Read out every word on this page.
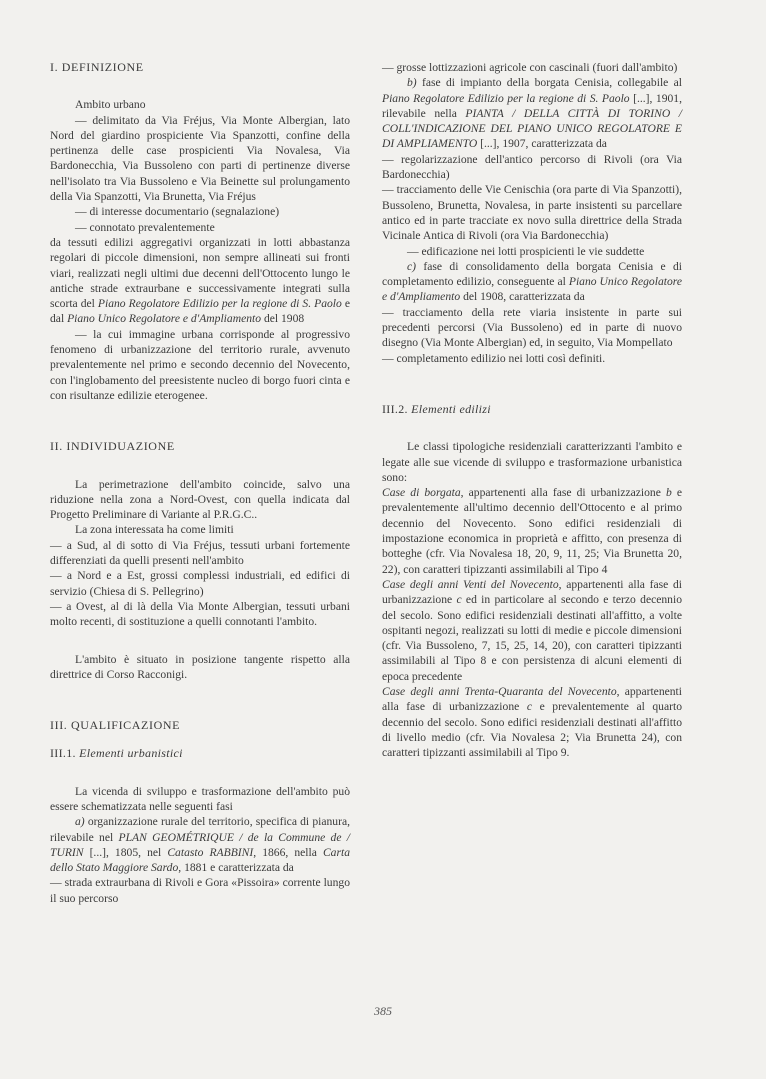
I. DEFINIZIONE

Ambito urbano

— delimitato da Via Fréjus, Via Monte Albergian, lato Nord del giardino prospiciente Via Spanzotti, confine della pertinenza delle case prospicienti Via Novalesa, Via Bardonecchia, Via Bussoleno con parti di pertinenze diverse nell'isolato tra Via Bussoleno e Via Beinette sul prolungamento della Via Spanzotti, Via Brunetta, Via Fréjus

— di interesse documentario (segnalazione)

— connotato prevalentemente

da tessuti edilizi aggregativi organizzati in lotti abbastanza regolari di piccole dimensioni, non sempre allineati sui fronti viari, realizzati negli ultimi due decenni dell'Ottocento lungo le antiche strade extraurbane e successivamente integrati sulla scorta del Piano Regolatore Edilizio per la regione di S. Paolo e dal Piano Unico Regolatore e d'Ampliamento del 1908

— la cui immagine urbana corrisponde al progressivo fenomeno di urbanizzazione del territorio rurale, avvenuto prevalentemente nel primo e secondo decennio del Novecento, con l'inglobamento del preesistente nucleo di borgo fuori cinta e con risultanze edilizie eterogenee.

II. INDIVIDUAZIONE

La perimetrazione dell'ambito coincide, salvo una riduzione nella zona a Nord-Ovest, con quella indicata dal Progetto Preliminare di Variante al P.R.G.C..

La zona interessata ha come limiti

— a Sud, al di sotto di Via Fréjus, tessuti urbani fortemente differenziati da quelli presenti nell'ambito

— a Nord e a Est, grossi complessi industriali, ed edifici di servizio (Chiesa di S. Pellegrino)

— a Ovest, al di là della Via Monte Albergian, tessuti urbani molto recenti, di sostituzione a quelli connotanti l'ambito.

L'ambito è situato in posizione tangente rispetto alla direttrice di Corso Racconigi.

III. QUALIFICAZIONE

III.1. Elementi urbanistici

La vicenda di sviluppo e trasformazione dell'ambito può essere schematizzata nelle seguenti fasi

a) organizzazione rurale del territorio, specifica di pianura, rilevabile nel PLAN GEOMÉTRIQUE / de la Commune de / TURIN [...], 1805, nel Catasto RABBINI, 1866, nella Carta dello Stato Maggiore Sardo, 1881 e caratterizzata da

— strada extraurbana di Rivoli e Gora «Pissoira» corrente lungo il suo percorso

— grosse lottizzazioni agricole con cascinali (fuori dall'ambito)

b) fase di impianto della borgata Cenisia, collegabile al Piano Regolatore Edilizio per la regione di S. Paolo [...], 1901, rilevabile nella PIANTA / DELLA CITTÀ DI TORINO / COLL'INDICAZIONE DEL PIANO UNICO REGOLATORE E DI AMPLIAMENTO [...], 1907, caratterizzata da

— regolarizzazione dell'antico percorso di Rivoli (ora Via Bardonecchia)

— tracciamento delle Vie Cenischia (ora parte di Via Spanzotti), Bussoleno, Brunetta, Novalesa, in parte insistenti su parcellare antico ed in parte tracciate ex novo sulla direttrice della Strada Vicinale Antica di Rivoli (ora Via Bardonecchia)

— edificazione nei lotti prospicienti le vie suddette

c) fase di consolidamento della borgata Cenisia e di completamento edilizio, conseguente al Piano Unico Regolatore e d'Ampliamento del 1908, caratterizzata da

— tracciamento della rete viaria insistente in parte sui precedenti percorsi (Via Bussoleno) ed in parte di nuovo disegno (Via Monte Albergian) ed, in seguito, Via Mompellato

— completamento edilizio nei lotti così definiti.

III.2. Elementi edilizi

Le classi tipologiche residenziali caratterizzanti l'ambito e legate alle sue vicende di sviluppo e trasformazione urbanistica sono:

Case di borgata, appartenenti alla fase di urbanizzazione b e prevalentemente all'ultimo decennio dell'Ottocento e al primo decennio del Novecento. Sono edifici residenziali di impostazione economica in proprietà e affitto, con presenza di botteghe (cfr. Via Novalesa 18, 20, 9, 11, 25; Via Brunetta 20, 22), con caratteri tipizzanti assimilabili al Tipo 4

Case degli anni Venti del Novecento, appartenenti alla fase di urbanizzazione c ed in particolare al secondo e terzo decennio del secolo. Sono edifici residenziali destinati all'affitto, a volte ospitanti negozi, realizzati su lotti di medie e piccole dimensioni (cfr. Via Bussoleno, 7, 15, 25, 14, 20), con caratteri tipizzanti assimilabili al Tipo 8 e con persistenza di alcuni elementi di epoca precedente

Case degli anni Trenta-Quaranta del Novecento, appartenenti alla fase di urbanizzazione c e prevalentemente al quarto decennio del secolo. Sono edifici residenziali destinati all'affitto di livello medio (cfr. Via Novalesa 2; Via Brunetta 24), con caratteri tipizzanti assimilabili al Tipo 9.

385
